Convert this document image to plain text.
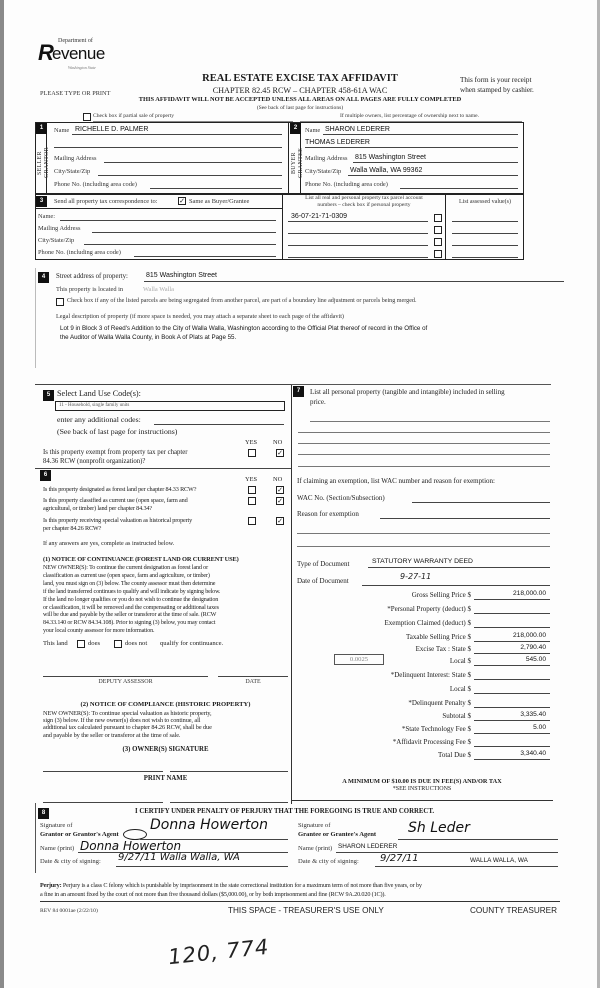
Department of
R
evenue
Washington State
PLEASE TYPE OR PRINT
REAL ESTATE EXCISE TAX AFFIDAVIT
CHAPTER 82.45 RCW – CHAPTER 458-61A WAC
This form is your receipt
when stamped by cashier.
THIS AFFIDAVIT WILL NOT BE ACCEPTED UNLESS ALL AREAS ON ALL PAGES ARE FULLY COMPLETED
(See back of last page for instructions)
Check box if partial sale of property	If multiple owners, list percentage of ownership next to name.
1
SELLER GRANTOR
Name RICHELLE D. PALMER
Mailing Address
City/State/Zip
Phone No. (including area code)
2
BUYER GRANTEE
Name SHARON LEDERER
THOMAS LEDERER
Mailing Address 815 Washington Street
City/State/Zip Walla Walla, WA 99362
Phone No. (including area code)
3	Send all property tax correspondence to:	✓ Same as Buyer/Grantee
Name:
Mailing Address
City/State/Zip
Phone No. (including area code)
List all real and personal property tax parcel account
numbers – check box if personal property	List assessed value(s)
36-07-21-71-0309
4	Street address of property:	815 Washington Street
This property is located in	Walla Walla
Check box if any of the listed parcels are being segregated from another parcel, are part of a boundary line adjustment or parcels being merged.
Legal description of property (if more space is needed, you may attach a separate sheet to each page of the affidavit)
Lot 9 in Block 3 of Reed's Addition to the City of Walla Walla, Washington according to the Official Plat thereof of record in the Office of
the Auditor of Walla Walla County, in Book A of Plats at Page 55.
5 Select Land Use Code(s):
11 - Household, single family units
enter any additional codes:
(See back of last page for instructions)
YES NO
Is this property exempt from property tax per chapter
84.36 RCW (nonprofit organization)?
✓
6
YES NO
Is this property designated as forest land per chapter 84.33 RCW?	✓
Is this property classified as current use (open space, farm and
agricultural, or timber) land per chapter 84.34?
✓
Is this property receiving special valuation as historical property
per chapter 84.26 RCW?
✓
If any answers are yes, complete as instructed below.
(1) NOTICE OF CONTINUANCE (FOREST LAND OR CURRENT USE)
NEW OWNER(S): To continue the current designation as forest land or
classification as current use (open space, farm and agriculture, or timber)
land, you must sign on (3) below. The county assessor must then determine
if the land transferred continues to qualify and will indicate by signing below.
If the land no longer qualifies or you do not wish to continue the designation
or classification, it will be removed and the compensating or additional taxes
will be due and payable by the seller or transferor at the time of sale. (RCW
84.33.140 or RCW 84.34.108). Prior to signing (3) below, you may contact
your local county assessor for more information.
This land	does	does not qualify for continuance.
DEPUTY ASSESSOR	DATE
(2) NOTICE OF COMPLIANCE (HISTORIC PROPERTY)
NEW OWNER(S): To continue special valuation as historic property,
sign (3) below. If the new owner(s) does not wish to continue, all
additional tax calculated pursuant to chapter 84.26 RCW, shall be due
and payable by the seller or transferor at the time of sale.
(3) OWNER(S) SIGNATURE
PRINT NAME
7	List all personal property (tangible and intangible) included in selling
price.
If claiming an exemption, list WAC number and reason for exemption:
WAC No. (Section/Subsection)
Reason for exemption
Type of Document	STATUTORY WARRANTY DEED
Date of Document	9-27-11
Gross Selling Price $	218,000.00
*Personal Property (deduct) $
Exemption Claimed (deduct) $
Taxable Selling Price $	218,000.00
Excise Tax : State $	2,790.40
0.0025	Local $	545.00
*Delinquent Interest: State $
Local $
*Delinquent Penalty $
Subtotal $	3,335.40
*State Technology Fee $	5.00
*Affidavit Processing Fee $
Total Due $	3,340.40
A MINIMUM OF $10.00 IS DUE IN FEE(S) AND/OR TAX
*SEE INSTRUCTIONS
8	I CERTIFY UNDER PENALTY OF PERJURY THAT THE FOREGOING IS TRUE AND CORRECT.
Signature of
Grantor or Grantor's Agent
Donna Howerton
Name (print) Donna Howerton
Date & city of signing: 9/27/11 Walla Walla, WA
Signature of
Grantee or Grantee's Agent Sh Leder
Name (print) SHARON LEDERER
Date & city of signing: 9/27/11	WALLA WALLA, WA
Perjury: Perjury is a class C felony which is punishable by imprisonment in the state correctional institution for a maximum term of not more than five years, or by
a fine in an amount fixed by the court of not more than five thousand dollars ($5,000.00), or by both imprisonment and fine (RCW 9A.20.020 (1C)).
REV 84 0001ae (2/22/10)	THIS SPACE - TREASURER'S USE ONLY	COUNTY TREASURER
120, 774
